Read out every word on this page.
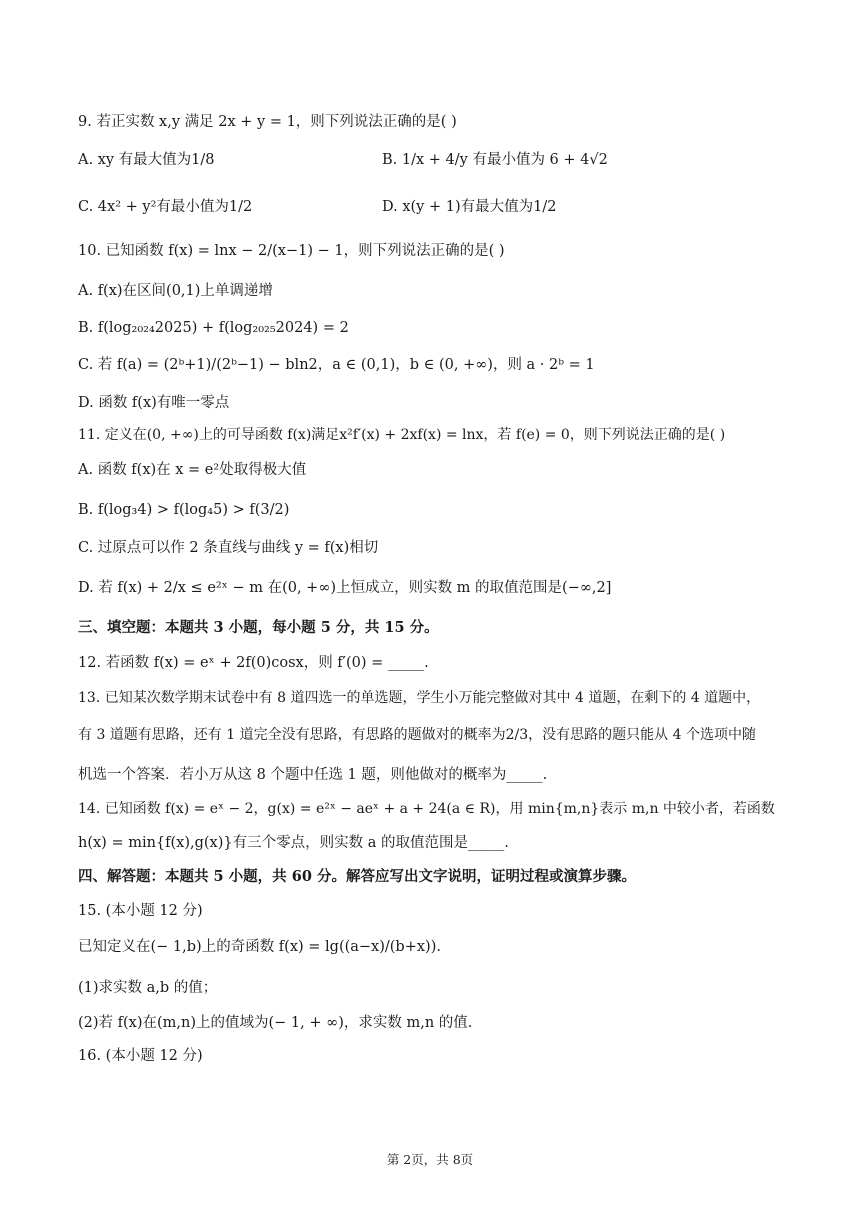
9. 若正实数 x,y 满足 2x + y = 1，则下列说法正确的是( )
A. xy 有最大值为1/8	B. 1/x + 4/y 有最小值为 6 + 4√2
C. 4x² + y²有最小值为1/2	D. x(y + 1)有最大值为1/2
10. 已知函数 f(x) = lnx − 2/(x−1) − 1，则下列说法正确的是( )
A. f(x)在区间(0,1)上单调递增
B. f(log₂₀₂₄2025) + f(log₂₀₂₅2024) = 2
C. 若 f(a) = (2ᵇ+1)/(2ᵇ−1) − bln2，a ∈ (0,1)，b ∈ (0, +∞)，则 a · 2ᵇ = 1
D. 函数 f(x)有唯一零点
11. 定义在(0, +∞)上的可导函数 f(x)满足x²f′(x) + 2xf(x) = lnx，若 f(e) = 0，则下列说法正确的是( )
A. 函数 f(x)在 x = e²处取得极大值
B. f(log₃4) > f(log₄5) > f(3/2)
C. 过原点可以作 2 条直线与曲线 y = f(x)相切
D. 若 f(x) + 2/x ≤ e²ˣ − m 在(0, +∞)上恒成立，则实数 m 的取值范围是(−∞,2]
三、填空题：本题共 3 小题，每小题 5 分，共 15 分。
12. 若函数 f(x) = eˣ + 2f(0)cosx，则 f′(0) = _____.
13. 已知某次数学期末试卷中有 8 道四选一的单选题，学生小万能完整做对其中 4 道题，在剩下的 4 道题中，
有 3 道题有思路，还有 1 道完全没有思路，有思路的题做对的概率为2/3，没有思路的题只能从 4 个选项中随
机选一个答案．若小万从这 8 个题中任选 1 题，则他做对的概率为_____.
14. 已知函数 f(x) = eˣ − 2，g(x) = e²ˣ − aeˣ + a + 24(a ∈ R)，用 min{m,n}表示 m,n 中较小者，若函数
h(x) = min{f(x),g(x)}有三个零点，则实数 a 的取值范围是_____.
四、解答题：本题共 5 小题，共 60 分。解答应写出文字说明，证明过程或演算步骤。
15. (本小题 12 分)
已知定义在(− 1,b)上的奇函数 f(x) = lg((a−x)/(b+x)).
(1)求实数 a,b 的值；
(2)若 f(x)在(m,n)上的值域为(− 1, + ∞)，求实数 m,n 的值.
16. (本小题 12 分)
第 2页，共 8页
